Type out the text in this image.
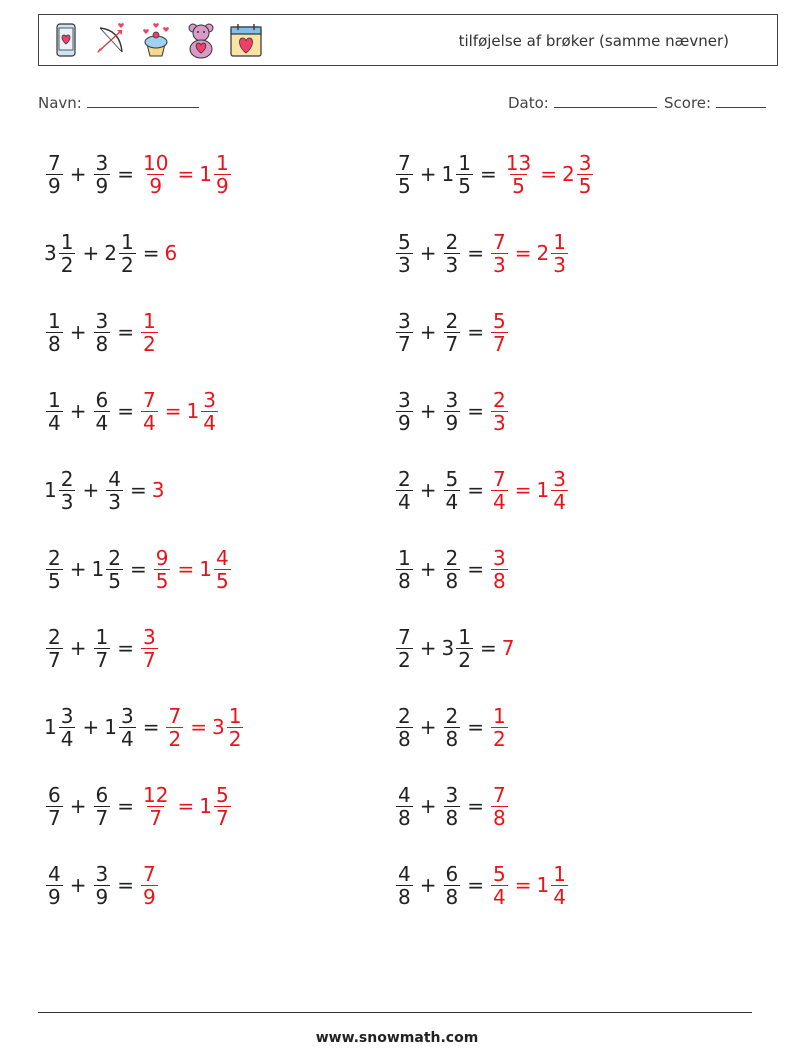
tilføjelse af brøker (samme nævner)
Navn:	Dato:	Score:
$\frac{7}{9} + \frac{3}{9} = \frac{10}{9} = 1 \frac{1}{9}$	$\frac{7}{5} + 1 \frac{1}{5} = \frac{13}{5} = 2 \frac{3}{5}$
$3 \frac{1}{2} + 2 \frac{1}{2} = 6$	$\frac{5}{3} + \frac{2}{3} = \frac{7}{3} = 2 \frac{1}{3}$
$\frac{1}{8} + \frac{3}{8} = \frac{1}{2}$	$\frac{3}{7} + \frac{2}{7} = \frac{5}{7}$
$\frac{1}{4} + \frac{6}{4} = \frac{7}{4} = 1 \frac{3}{4}$	$\frac{3}{9} + \frac{3}{9} = \frac{2}{3}$
$1 \frac{2}{3} + \frac{4}{3} = 3$	$\frac{2}{4} + \frac{5}{4} = \frac{7}{4} = 1 \frac{3}{4}$
$\frac{2}{5} + 1 \frac{2}{5} = \frac{9}{5} = 1 \frac{4}{5}$	$\frac{1}{8} + \frac{2}{8} = \frac{3}{8}$
$\frac{2}{7} + \frac{1}{7} = \frac{3}{7}$	$\frac{7}{2} + 3 \frac{1}{2} = 7$
$1 \frac{3}{4} + 1 \frac{3}{4} = \frac{7}{2} = 3 \frac{1}{2}$	$\frac{2}{8} + \frac{2}{8} = \frac{1}{2}$
$\frac{6}{7} + \frac{6}{7} = \frac{12}{7} = 1 \frac{5}{7}$	$\frac{4}{8} + \frac{3}{8} = \frac{7}{8}$
$\frac{4}{9} + \frac{3}{9} = \frac{7}{9}$	$\frac{4}{8} + \frac{6}{8} = \frac{5}{4} = 1 \frac{1}{4}$
www.snowmath.com
